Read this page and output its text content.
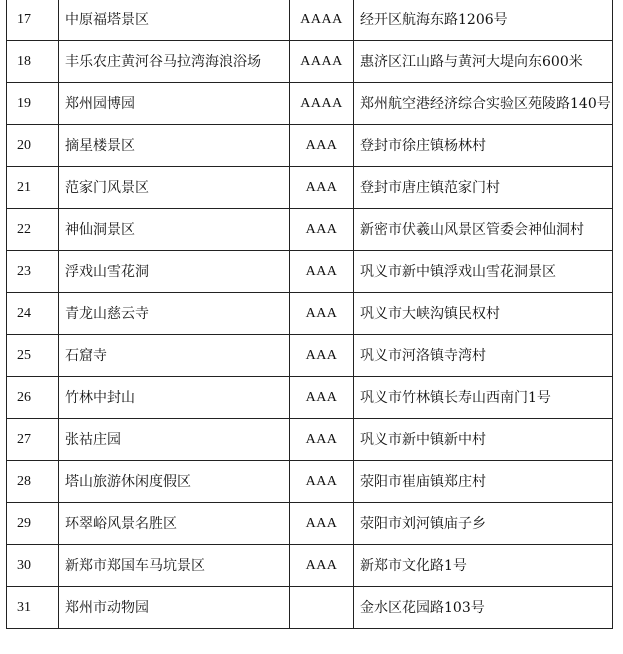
17	中原福塔景区	AAAA	经开区航海东路1206号
18	丰乐农庄黄河谷马拉湾海浪浴场	AAAA	惠济区江山路与黄河大堤向东600米
19	郑州园博园	AAAA	郑州航空港经济综合实验区苑陵路140号
20	摘星楼景区	AAA	登封市徐庄镇杨林村
21	范家门风景区	AAA	登封市唐庄镇范家门村
22	神仙洞景区	AAA	新密市伏羲山风景区管委会神仙洞村
23	浮戏山雪花洞	AAA	巩义市新中镇浮戏山雪花洞景区
24	青龙山慈云寺	AAA	巩义市大峡沟镇民权村
25	石窟寺	AAA	巩义市河洛镇寺湾村
26	竹林中封山	AAA	巩义市竹林镇长寿山西南门1号
27	张祜庄园	AAA	巩义市新中镇新中村
28	塔山旅游休闲度假区	AAA	荥阳市崔庙镇郑庄村
29	环翠峪风景名胜区	AAA	荥阳市刘河镇庙子乡
30	新郑市郑国车马坑景区	AAA	新郑市文化路1号
31	郑州市动物园		金水区花园路103号
